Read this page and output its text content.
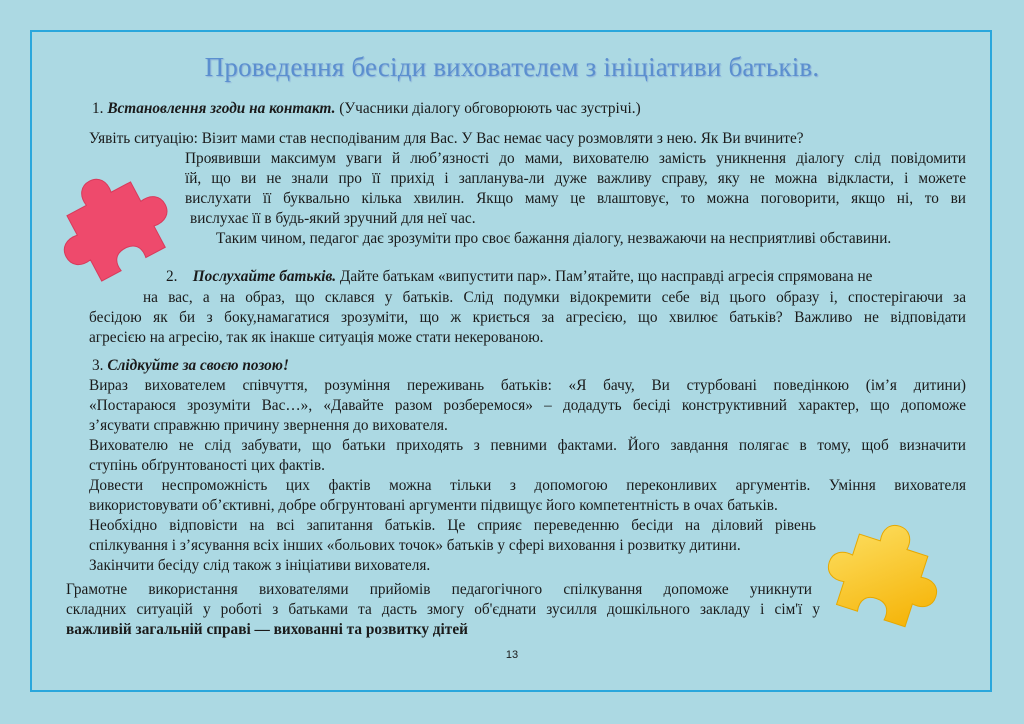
Проведення бесіди вихователем з ініціативи батьків.
1. Встановлення згоди на контакт. (Учасники діалогу обговорюють час зустрічі.)
Уявіть ситуацію: Візит мами став несподіваним для Вас. У Вас немає часу розмовляти з нею. Як Ви вчините?
Проявивши максимум уваги й люб’язності до мами, вихователю замість уникнення діалогу слід повідомити
їй, що ви не знали про її прихід і запланува-ли дуже важливу справу, яку не можна відкласти, і можете
вислухати її буквально кілька хвилин. Якщо маму це влаштовує, то можна поговорити, якщо ні, то ви
вислухає її в будь-який зручний для неї час.
Таким чином, педагог дає зрозуміти про своє бажання діалогу, незважаючи на несприятливі обставини.
2. Послухайте батьків. Дайте батькам «випустити пар». Пам’ятайте, що насправді агресія спрямована не
на вас, а на образ, що склався у батьків. Слід подумки відокремити себе від цього образу і, спостерігаючи за
бесідою як би з боку,намагатися зрозуміти, що ж криється за агресією, що хвилює батьків? Важливо не відповідати
агресією на агресію, так як інакше ситуація може стати некерованою.
3. Слідкуйте за своєю позою!
Вираз вихователем співчуття, розуміння переживань батьків: «Я бачу, Ви стурбовані поведінкою (ім’я дитини)
«Постараюся зрозуміти Вас…», «Давайте разом розберемося» – додадуть бесіді конструктивний характер, що допоможе
з’ясувати справжню причину звернення до вихователя.
Вихователю не слід забувати, що батьки приходять з певними фактами. Його завдання полягає в тому, щоб визначити
ступінь обґрунтованості цих фактів.
Довести неспроможність цих фактів можна тільки з допомогою переконливих аргументів. Уміння вихователя
використовувати об’єктивні, добре обгрунтовані аргументи підвищує його компетентність в очах батьків.
Необхідно відповісти на всі запитання батьків. Це сприяє переведенню бесіди на діловий рівень
спілкування і з’ясування всіх інших «больових точок» батьків у сфері виховання і розвитку дитини.
Закінчити бесіду слід також з ініціативи вихователя.
Грамотне використання вихователями прийомів педагогічного спілкування допоможе уникнути
складних ситуацій у роботі з батьками та дасть змогу об'єднати зусилля дошкільного закладу і сім'ї у
важливій загальній справі — вихованні та розвитку дітей
13
